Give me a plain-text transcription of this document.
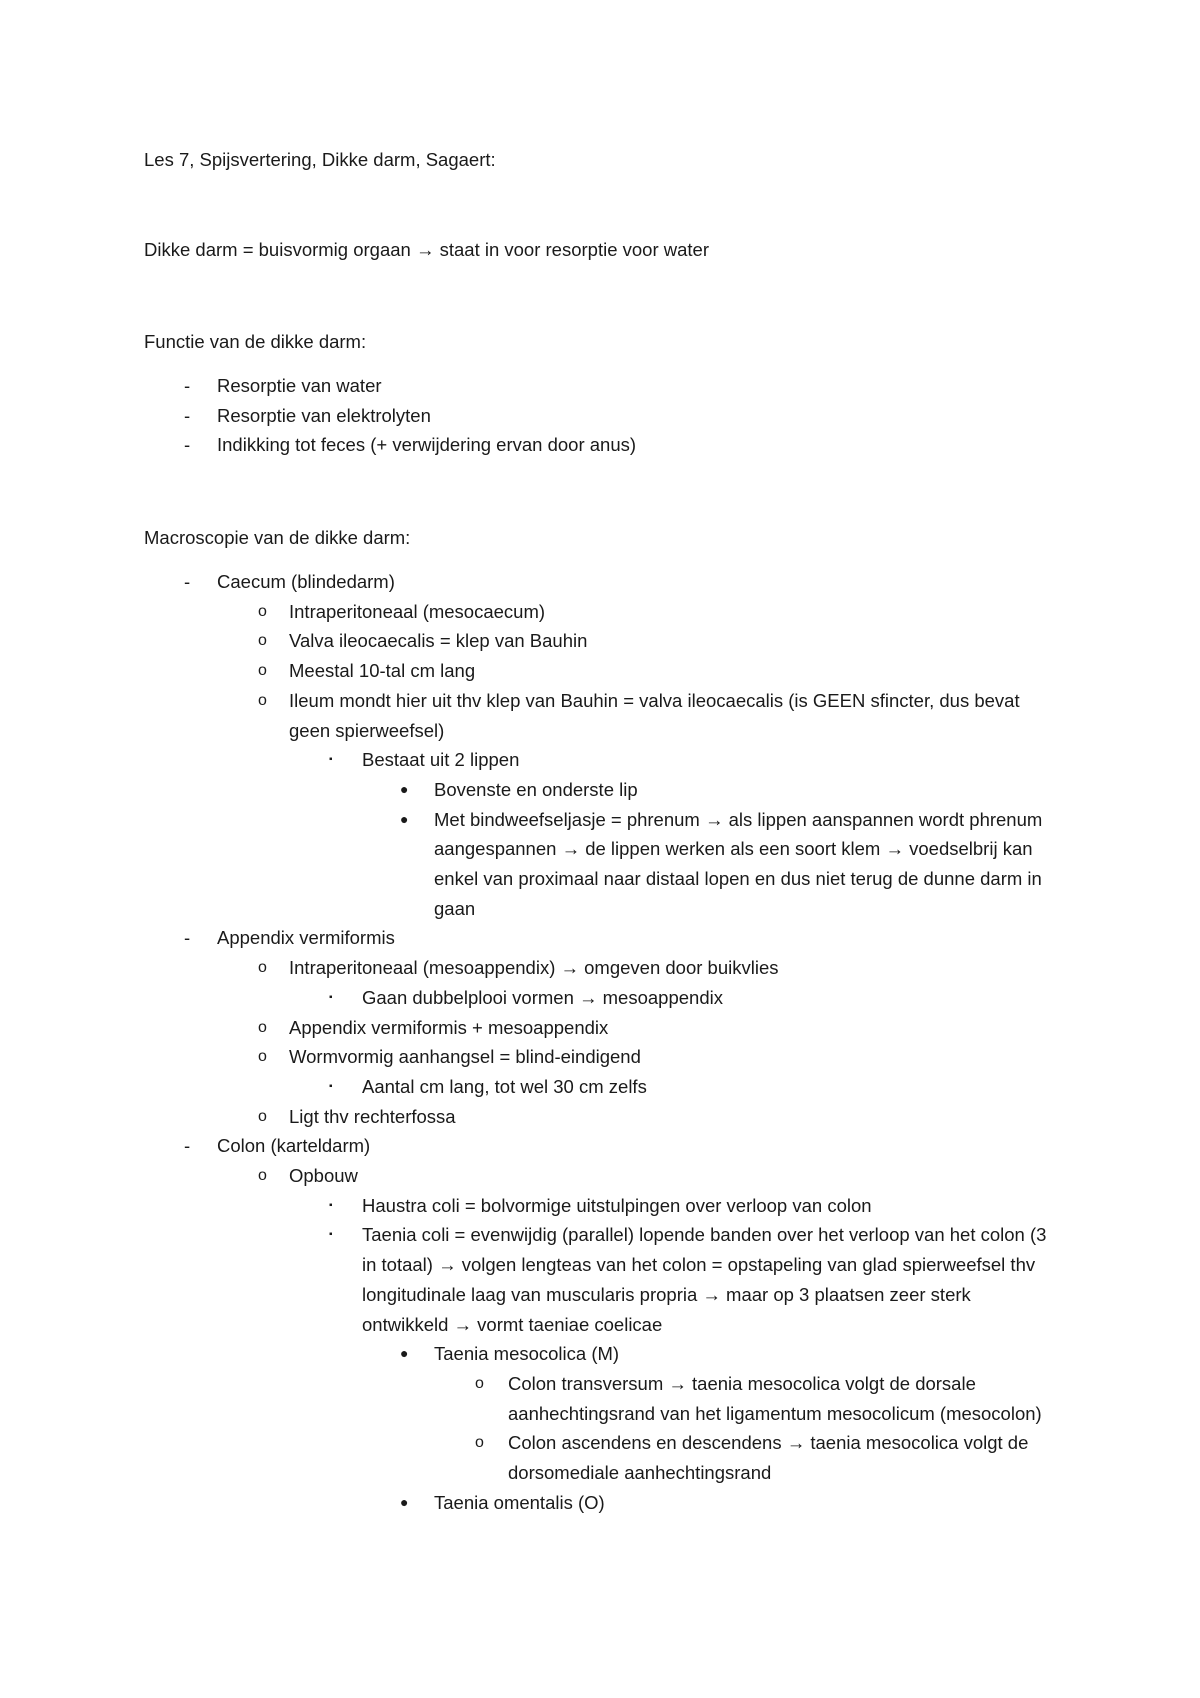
Les 7, Spijsvertering, Dikke darm, Sagaert:

Dikke darm = buisvormig orgaan → staat in voor resorptie voor water

Functie van de dikke darm:

- Resorptie van water
- Resorptie van elektrolyten
- Indikking tot feces (+ verwijdering ervan door anus)

Macroscopie van de dikke darm:

- Caecum (blindedarm)
o Intraperitoneaal (mesocaecum)
o Valva ileocaecalis = klep van Bauhin
o Meestal 10-tal cm lang
o Ileum mondt hier uit thv klep van Bauhin = valva ileocaecalis (is GEEN sfincter, dus bevat geen spierweefsel)
▪ Bestaat uit 2 lippen
● Bovenste en onderste lip
● Met bindweefseljasje = phrenum → als lippen aanspannen wordt phrenum aangespannen → de lippen werken als een soort klem → voedselbrij kan enkel van proximaal naar distaal lopen en dus niet terug de dunne darm in gaan
- Appendix vermiformis
o Intraperitoneaal (mesoappendix) → omgeven door buikvlies
▪ Gaan dubbelplooi vormen → mesoappendix
o Appendix vermiformis + mesoappendix
o Wormvormig aanhangsel = blind-eindigend
▪ Aantal cm lang, tot wel 30 cm zelfs
o Ligt thv rechterfossa
- Colon (karteldarm)
o Opbouw
▪ Haustra coli = bolvormige uitstulpingen over verloop van colon
▪ Taenia coli = evenwijdig (parallel) lopende banden over het verloop van het colon (3 in totaal) → volgen lengteas van het colon = opstapeling van glad spierweefsel thv longitudinale laag van muscularis propria → maar op 3 plaatsen zeer sterk ontwikkeld → vormt taeniae coelicae
● Taenia mesocolica (M)
o Colon transversum → taenia mesocolica volgt de dorsale aanhechtingsrand van het ligamentum mesocolicum (mesocolon)
o Colon ascendens en descendens → taenia mesocolica volgt de dorsomediale aanhechtingsrand
● Taenia omentalis (O)
